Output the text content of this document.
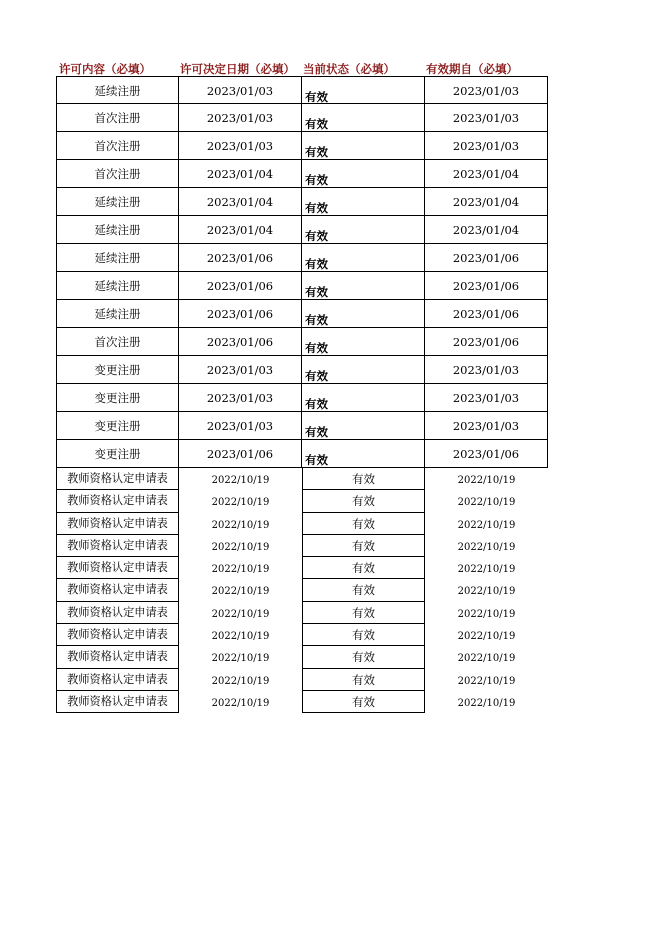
许可内容（必填）	许可决定日期（必填） 当前状态（必填）	有效期自（必填）
延续注册	2023/01/03	有效	2023/01/03
首次注册	2023/01/03	有效	2023/01/03
首次注册	2023/01/03	有效	2023/01/03
首次注册	2023/01/04	有效	2023/01/04
延续注册	2023/01/04	有效	2023/01/04
延续注册	2023/01/04	有效	2023/01/04
延续注册	2023/01/06	有效	2023/01/06
延续注册	2023/01/06	有效	2023/01/06
延续注册	2023/01/06	有效	2023/01/06
首次注册	2023/01/06	有效	2023/01/06
变更注册	2023/01/03	有效	2023/01/03
变更注册	2023/01/03	有效	2023/01/03
变更注册	2023/01/03	有效	2023/01/03
变更注册	2023/01/06	有效	2023/01/06
教师资格认定申请表	2022/10/19	有效	2022/10/19
教师资格认定申请表	2022/10/19	有效	2022/10/19
教师资格认定申请表	2022/10/19	有效	2022/10/19
教师资格认定申请表	2022/10/19	有效	2022/10/19
教师资格认定申请表	2022/10/19	有效	2022/10/19
教师资格认定申请表	2022/10/19	有效	2022/10/19
教师资格认定申请表	2022/10/19	有效	2022/10/19
教师资格认定申请表	2022/10/19	有效	2022/10/19
教师资格认定申请表	2022/10/19	有效	2022/10/19
教师资格认定申请表	2022/10/19	有效	2022/10/19
教师资格认定申请表	2022/10/19	有效	2022/10/19
